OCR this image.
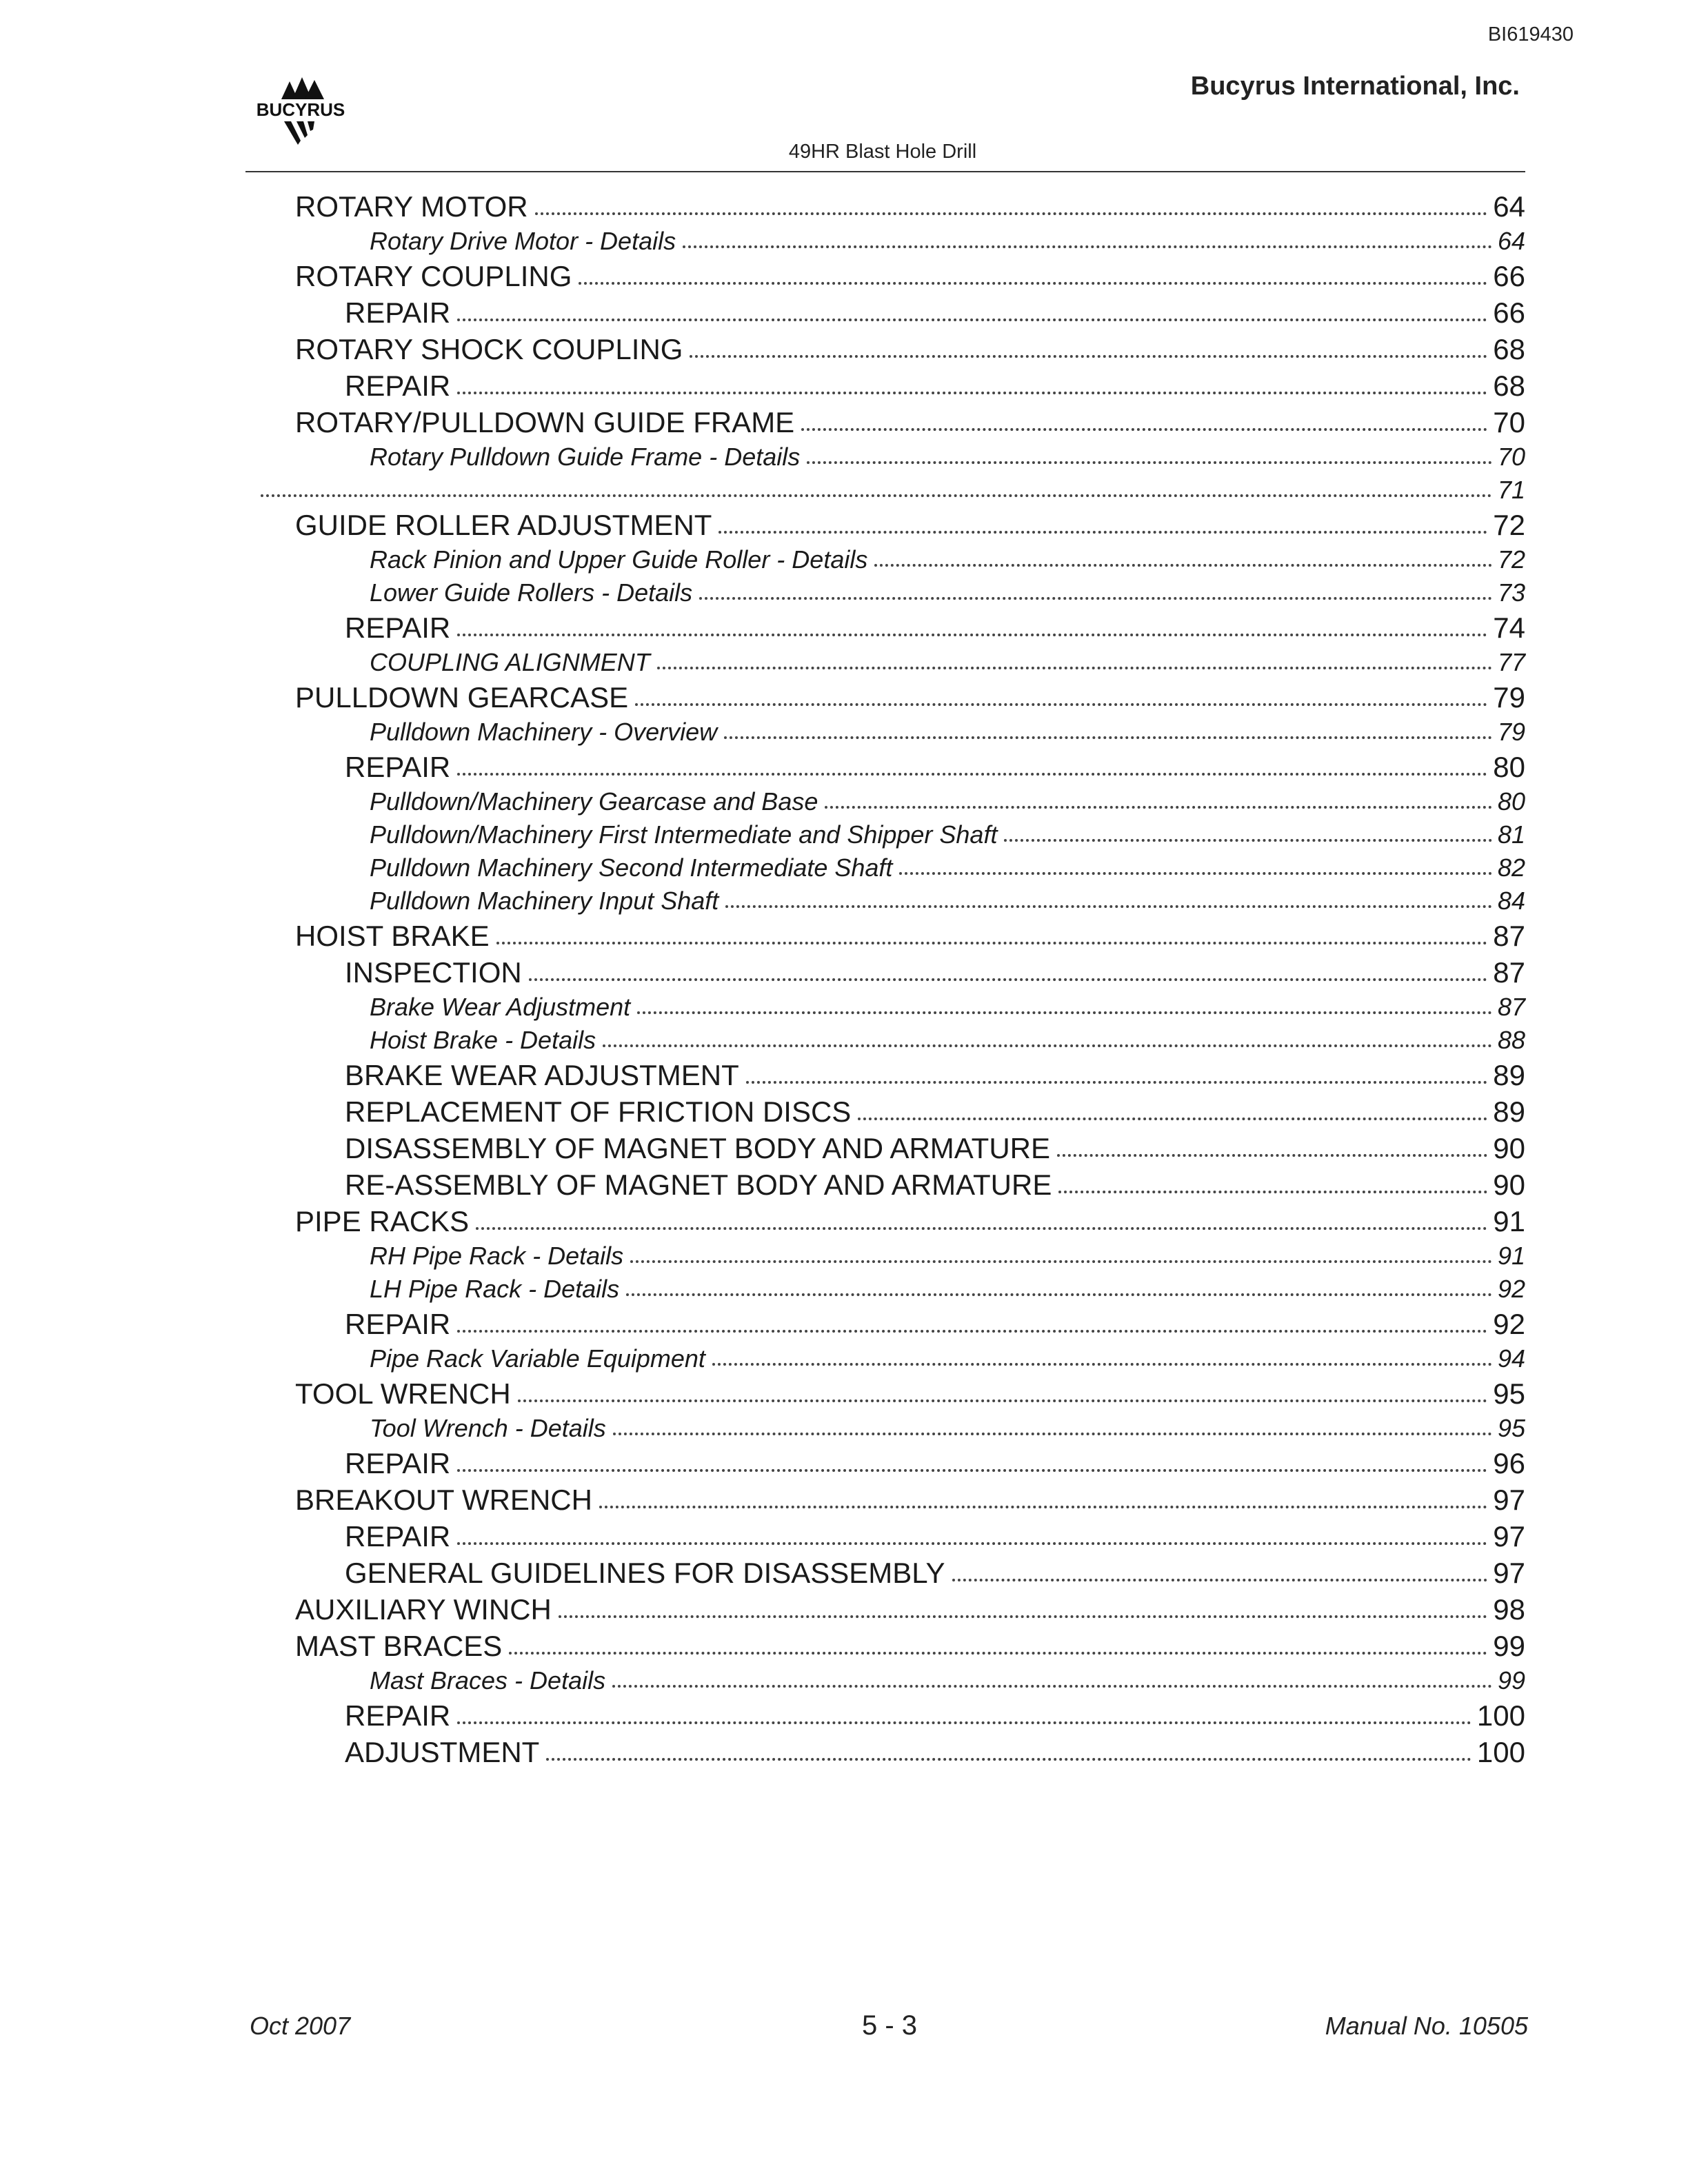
BI619430
BUCYRUS
Bucyrus International, Inc.
49HR Blast Hole Drill
ROTARY MOTOR	64
Rotary Drive Motor - Details	64
ROTARY COUPLING	66
REPAIR	66
ROTARY SHOCK COUPLING	68
REPAIR	68
ROTARY/PULLDOWN GUIDE FRAME	70
Rotary Pulldown Guide Frame - Details	70
71
GUIDE ROLLER ADJUSTMENT	72
Rack Pinion and Upper Guide Roller - Details	72
Lower Guide Rollers - Details	73
REPAIR	74
COUPLING ALIGNMENT	77
PULLDOWN GEARCASE	79
Pulldown Machinery - Overview	79
REPAIR	80
Pulldown/Machinery Gearcase and Base	80
Pulldown/Machinery First Intermediate and Shipper Shaft	81
Pulldown Machinery Second Intermediate Shaft	82
Pulldown Machinery Input Shaft	84
HOIST BRAKE	87
INSPECTION	87
Brake Wear Adjustment	87
Hoist Brake - Details	88
BRAKE WEAR ADJUSTMENT	89
REPLACEMENT OF FRICTION DISCS	89
DISASSEMBLY OF MAGNET BODY AND ARMATURE	90
RE-ASSEMBLY OF MAGNET BODY AND ARMATURE	90
PIPE RACKS	91
RH Pipe Rack - Details	91
LH Pipe Rack - Details	92
REPAIR	92
Pipe Rack Variable Equipment	94
TOOL WRENCH	95
Tool Wrench - Details	95
REPAIR	96
BREAKOUT WRENCH	97
REPAIR	97
GENERAL GUIDELINES FOR DISASSEMBLY	97
AUXILIARY WINCH	98
MAST BRACES	99
Mast Braces - Details	99
REPAIR	100
ADJUSTMENT	100
Oct 2007	5 - 3	Manual No. 10505
